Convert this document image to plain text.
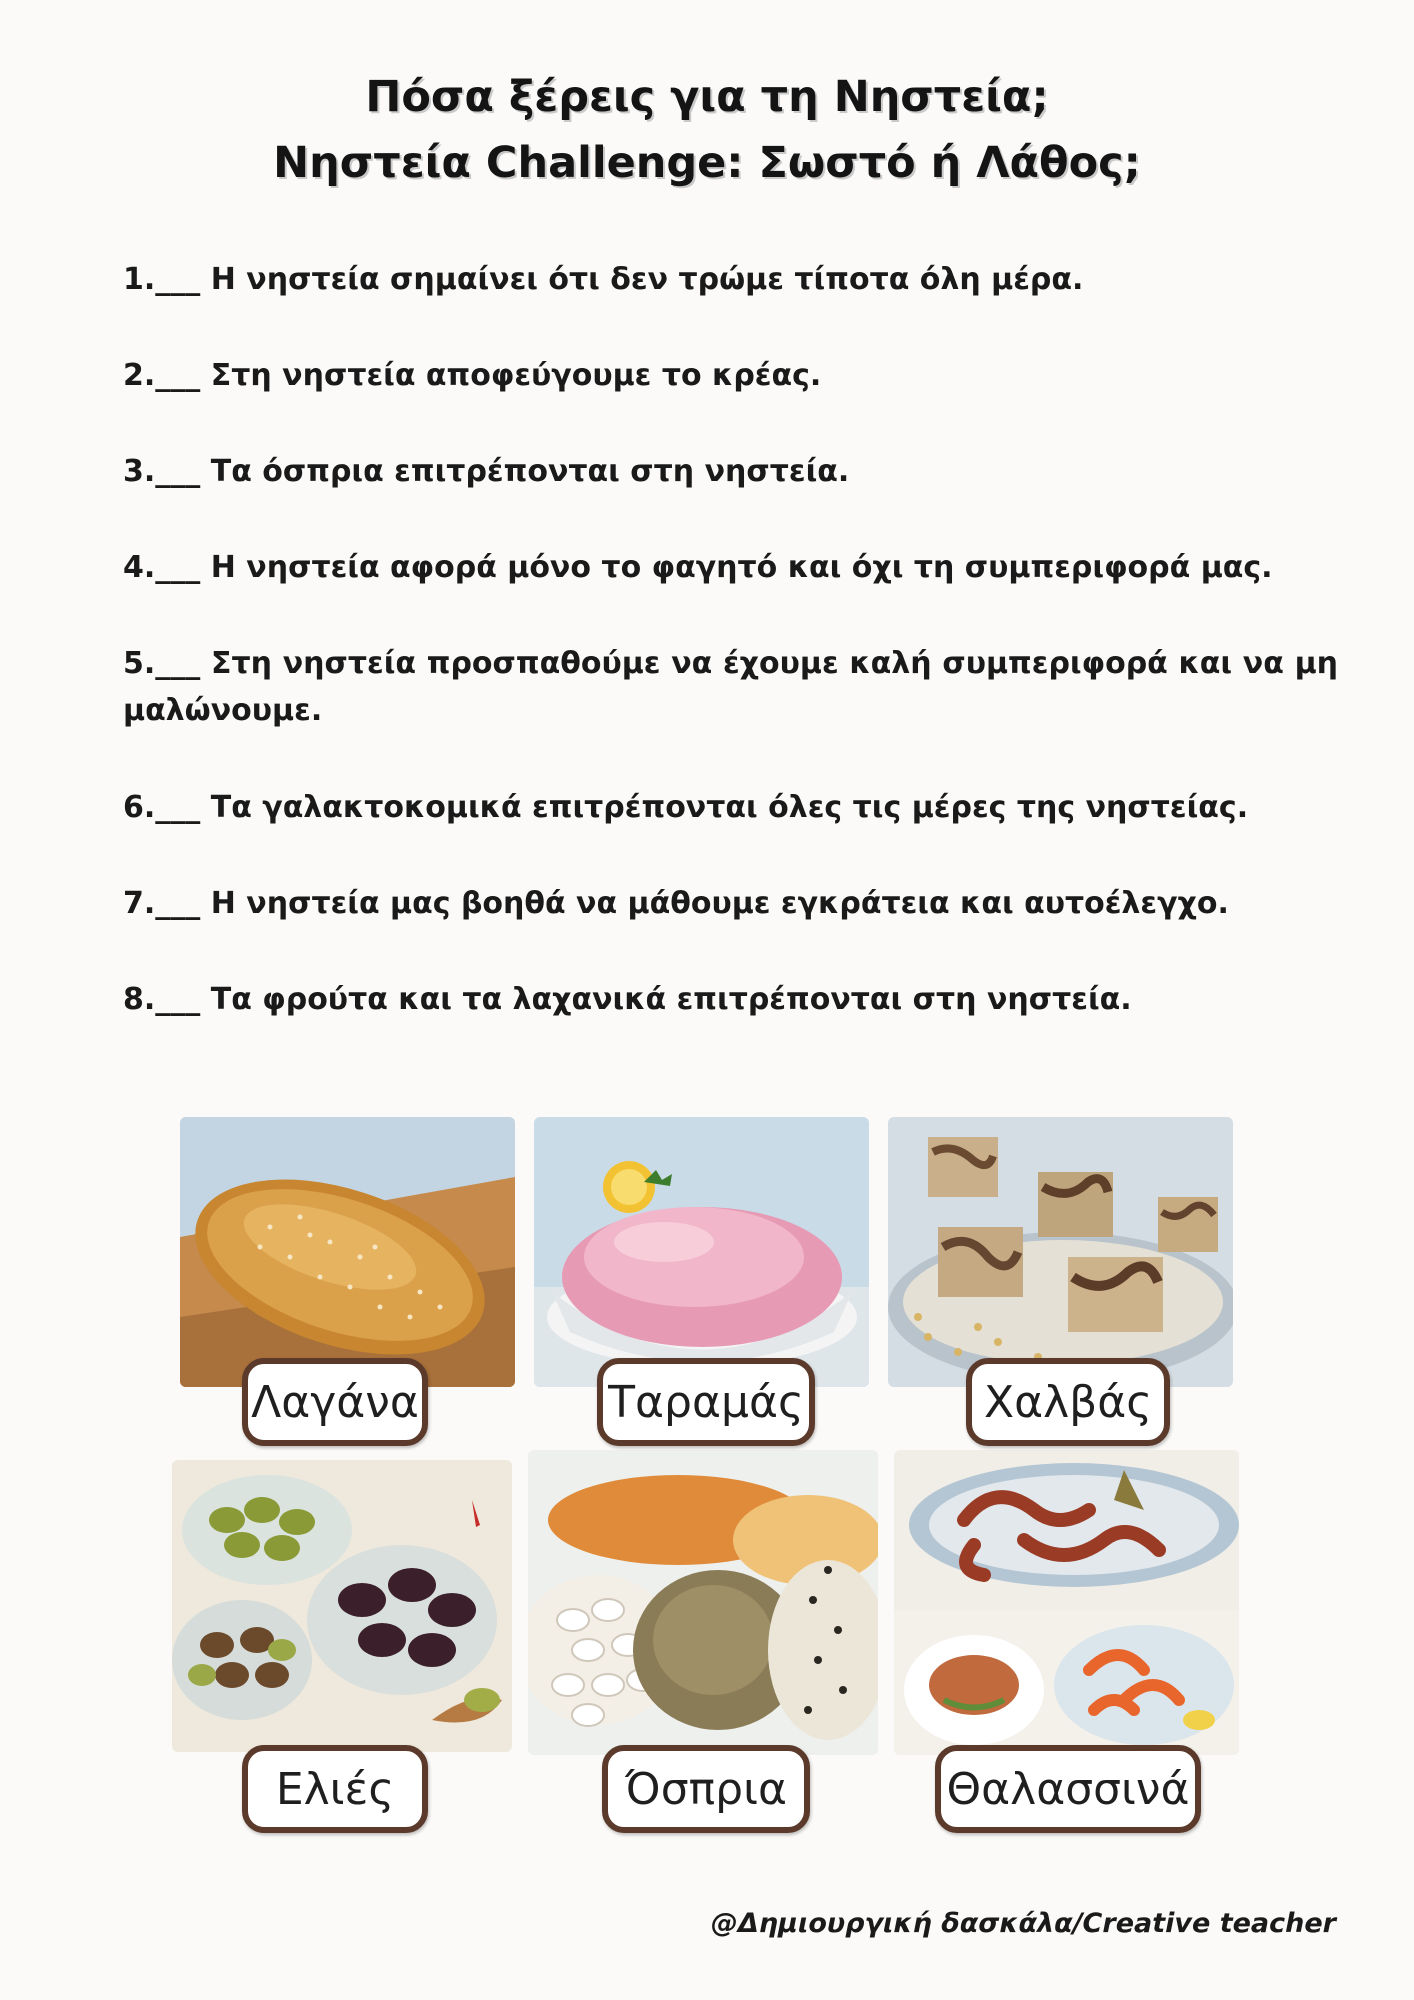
Πόσα ξέρεις για τη Νηστεία;
Νηστεία Challenge: Σωστό ή Λάθος;
1.___ Η νηστεία σημαίνει ότι δεν τρώμε τίποτα όλη μέρα.
2.___ Στη νηστεία αποφεύγουμε το κρέας.
3.___ Τα όσπρια επιτρέπονται στη νηστεία.
4.___ Η νηστεία αφορά μόνο το φαγητό και όχι τη συμπεριφορά μας.
5.___ Στη νηστεία προσπαθούμε να έχουμε καλή συμπεριφορά και να μη μαλώνουμε.
6.___ Τα γαλακτοκομικά επιτρέπονται όλες τις μέρες της νηστείας.
7.___ Η νηστεία μας βοηθά να μάθουμε εγκράτεια και αυτοέλεγχο.
8.___ Τα φρούτα και τα λαχανικά επιτρέπονται στη νηστεία.
Λαγάνα	Ταραμάς	Χαλβάς
Ελιές	Όσπρια	Θαλασσινά
@Δημιουργική δασκάλα/Creative teacher
